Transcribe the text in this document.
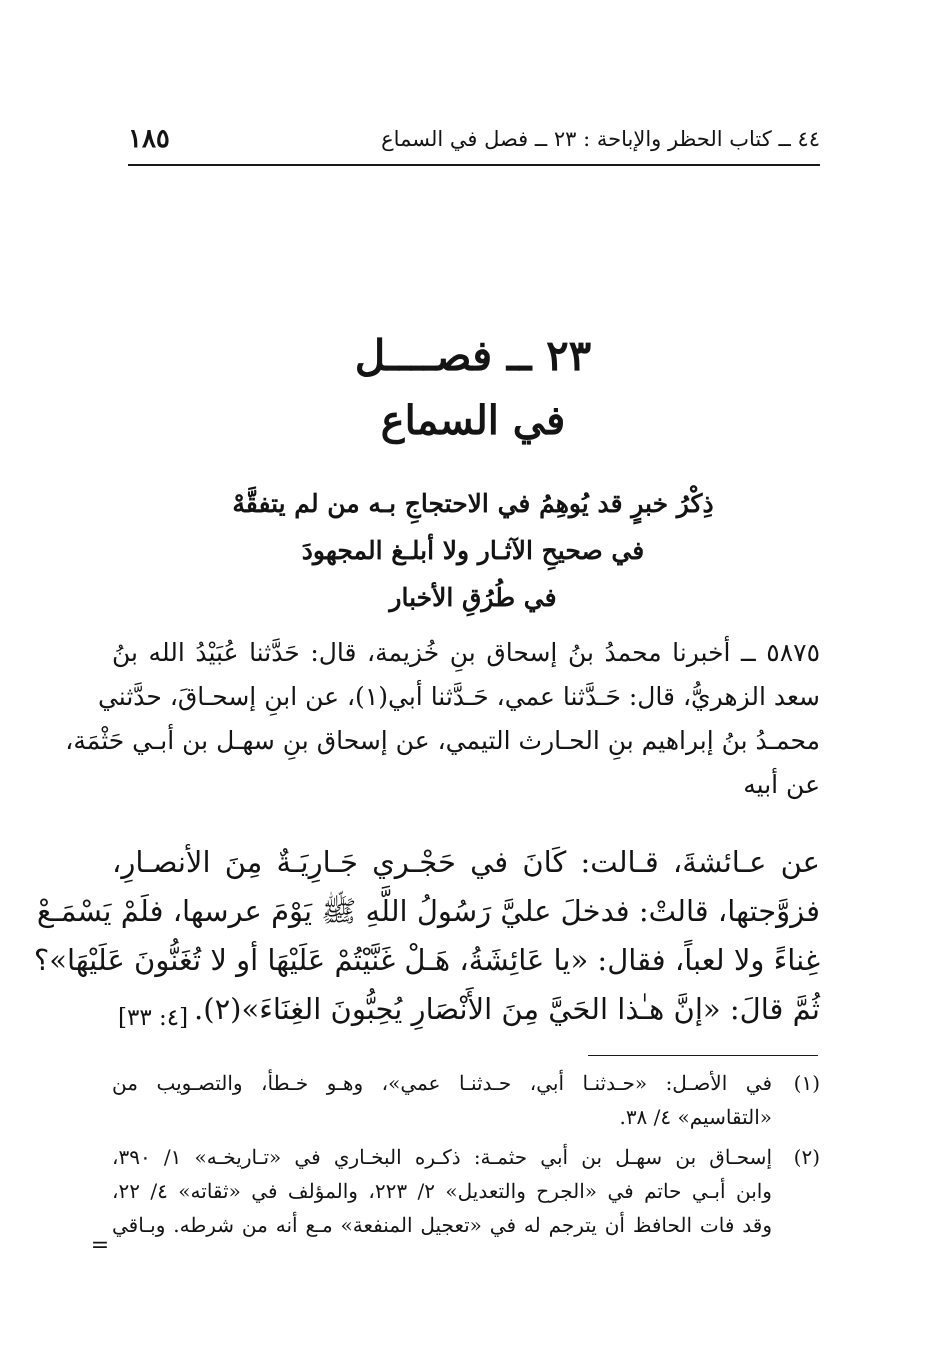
٤٤ ــ كتاب الحظر والإباحة : ٢٣ ــ فصل في السماع
١٨٥
٢٣ ــ فصــــل
في السماع
ذِكْرُ خبرٍ قد يُوهِمُ في الاحتجاجِ بـه من لم يتفقَّهْ
في صحيحِ الآثـار ولا أبلـغ المجهودَ
في طُرُقِ الأخبار
٥٨٧٥ ــ أخبرنا محمدُ بنُ إسحاق بنِ خُزيمة، قال: حَدَّثنا عُبَيْدُ الله بنُ
سعد الزهريُّ، قال: حَـدَّثنا عمي، حَـدَّثنا أبي(١)، عن ابنِ إسحـاقَ، حدَّثني
محمـدُ بنُ إبراهيم بنِ الحـارث التيمي، عن إسحاق بنِ سهـل بن أبـي حَثْمَة،
عن أبيه
عن عـائشةَ، قـالت: كَانَ في حَجْـري جَـارِيَـةٌ مِنَ الأنصـارِ،
فزوَّجتها، قالتْ: فدخلَ عليَّ رَسُولُ اللَّهِ ﷺ يَوْمَ عرسها، فلَمْ يَسْمَـعْ
غِناءً ولا لعباً، فقال: «يا عَائِشَةُ، هَـلْ غَنَّيْتُمْ عَلَيْهَا أو لا تُغَنُّونَ عَلَيْهَا»؟
ثُمَّ قالَ: «إنَّ هـٰذا الحَيَّ مِنَ الأَنْصَارِ يُحِبُّونَ الغِنَاءَ»(٢).
[٤: ٣٣]
(١)
في الأصـل: «حـدثنـا أبي، حـدثنـا عمي»، وهـو خـطأ، والتصـويب من
«التقاسيم» ٤/ ٣٨.
(٢)
إسحـاق بن سهـل بن أبي حثمـة: ذكـره البخـاري في «تـاريخـه» ١/ ٣٩٠،
وابن أبـي حاتم في «الجرح والتعديل» ٢/ ٢٢٣، والمؤلف في «ثقاته» ٤/ ٢٢،
وقد فات الحافظ أن يترجم له في «تعجيل المنفعة» مـع أنه من شرطه. وبـاقي
=
